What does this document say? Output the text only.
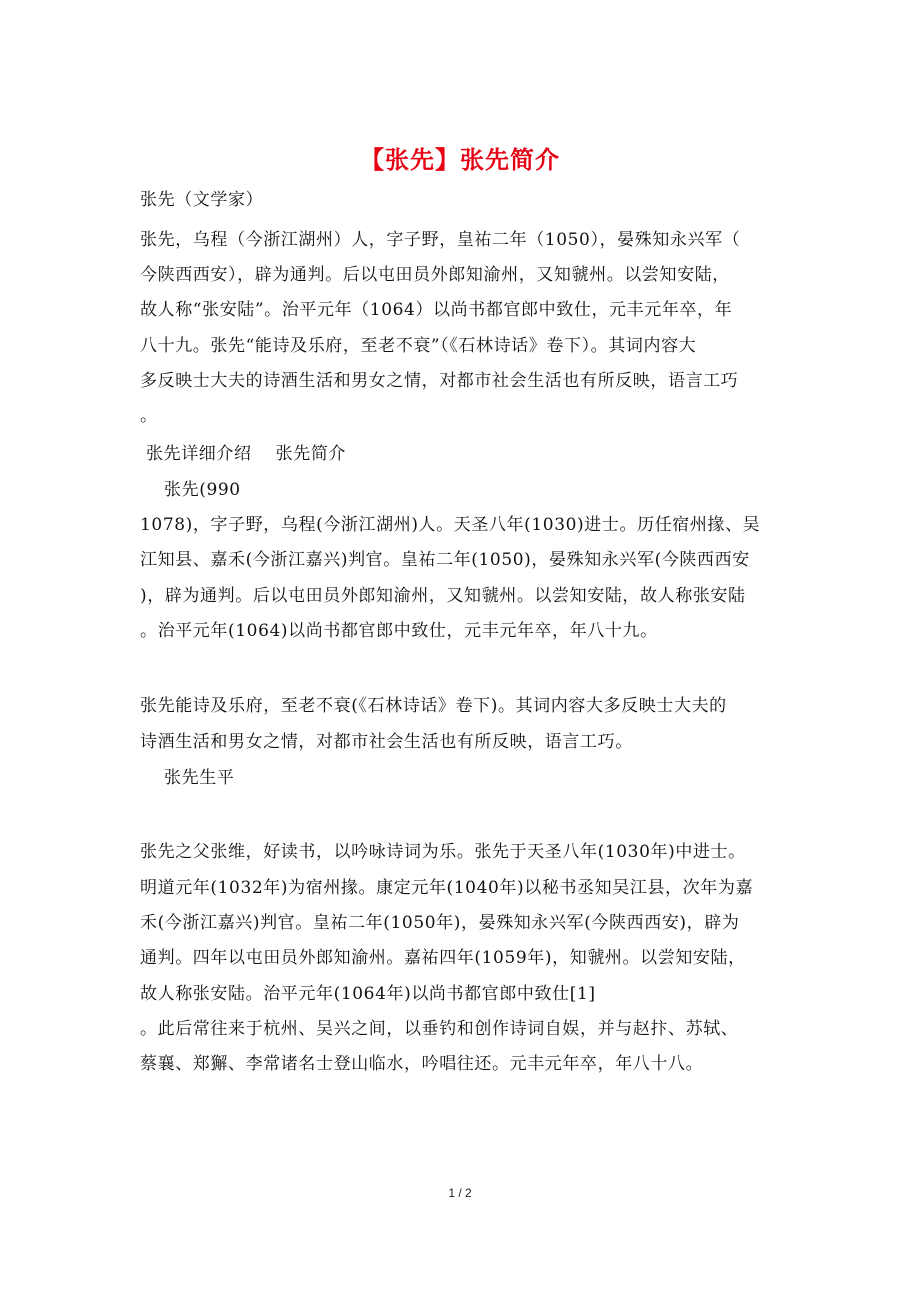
【张先】张先简介
张先（文学家）
张先，乌程（今浙江湖州）人，字子野，皇祐二年（1050），晏殊知永兴军（
今陕西西安），辟为通判。后以屯田员外郎知渝州，又知虢州。以尝知安陆，
故人称“张安陆”。治平元年（1064）以尚书都官郎中致仕，元丰元年卒，年
八十九。张先“能诗及乐府，至老不衰”（《石林诗话》卷下）。其词内容大
多反映士大夫的诗酒生活和男女之情，对都市社会生活也有所反映，语言工巧
。
张先详细介绍    张先简介
张先(990
1078)，字子野，乌程(今浙江湖州)人。天圣八年(1030)进士。历任宿州掾、吴
江知县、嘉禾(今浙江嘉兴)判官。皇祐二年(1050)，晏殊知永兴军(今陕西西安
)，辟为通判。后以屯田员外郎知渝州，又知虢州。以尝知安陆，故人称张安陆
。治平元年(1064)以尚书都官郎中致仕，元丰元年卒，年八十九。
张先能诗及乐府，至老不衰(《石林诗话》卷下)。其词内容大多反映士大夫的
诗酒生活和男女之情，对都市社会生活也有所反映，语言工巧。
张先生平
张先之父张维，好读书，以吟咏诗词为乐。张先于天圣八年(1030年)中进士。
明道元年(1032年)为宿州掾。康定元年(1040年)以秘书丞知吴江县，次年为嘉
禾(今浙江嘉兴)判官。皇祐二年(1050年)，晏殊知永兴军(今陕西西安)，辟为
通判。四年以屯田员外郎知渝州。嘉祐四年(1059年)，知虢州。以尝知安陆，
故人称张安陆。治平元年(1064年)以尚书都官郎中致仕[1]
。此后常往来于杭州、吴兴之间，以垂钓和创作诗词自娱，并与赵抃、苏轼、
蔡襄、郑獬、李常诸名士登山临水，吟唱往还。元丰元年卒，年八十八。
1 / 2
